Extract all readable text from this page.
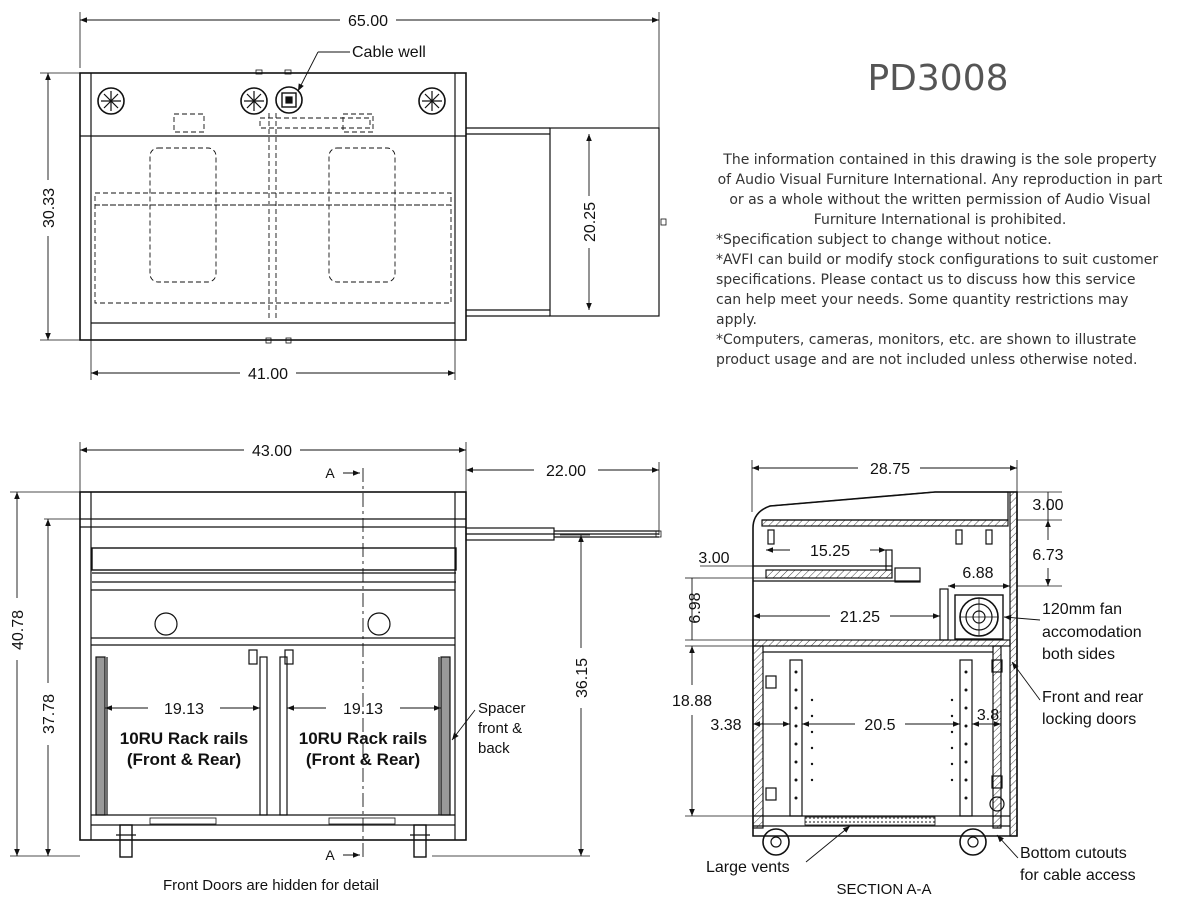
PD3008

The information contained in this drawing is the sole property of Audio Visual Furniture International. Any reproduction in part or as a whole without the written permission of Audio Visual Furniture International is prohibited.

*Specification subject to change without notice.

*AVFI can build or modify stock configurations to suit customer specifications. Please contact us to discuss how this service can help meet your needs. Some quantity restrictions may apply.

*Computers, cameras, monitors, etc. are shown to illustrate product usage and are not included unless otherwise noted.

65.00
30.33	20.25
41.00
Cable well
43.00
22.00
40.78
37.78
36.15
19.13	19.13
10RU Rack rails
(Front & Rear)
10RU Rack rails
(Front & Rear)
Spacer
front &
back
A
A
Front Doors are hidden for detail
28.75
3.00
15.25
3.00	6.73
6.88
6.98	21.25
18.88
3.38	20.5
3.8
120mm fan
accomodation
both sides
Front and rear
locking doors
Large vents
Bottom cutouts
for cable access
SECTION A-A
